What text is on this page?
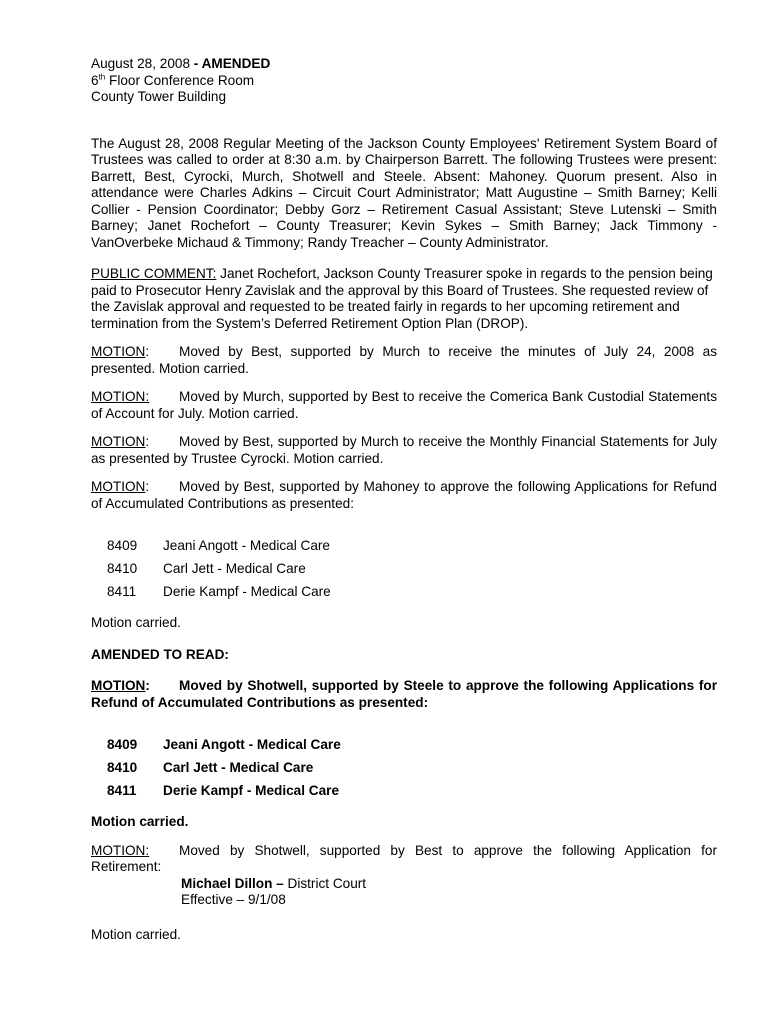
August 28, 2008 - AMENDED

6th Floor Conference Room

County Tower Building

The August 28, 2008 Regular Meeting of the Jackson County Employees' Retirement System Board of Trustees was called to order at 8:30 a.m. by Chairperson Barrett. The following Trustees were present: Barrett, Best, Cyrocki, Murch, Shotwell and Steele. Absent: Mahoney. Quorum present. Also in attendance were Charles Adkins – Circuit Court Administrator; Matt Augustine – Smith Barney; Kelli Collier - Pension Coordinator; Debby Gorz – Retirement Casual Assistant; Steve Lutenski – Smith Barney; Janet Rochefort – County Treasurer; Kevin Sykes – Smith Barney; Jack Timmony - VanOverbeke Michaud & Timmony; Randy Treacher – County Administrator.

PUBLIC COMMENT: Janet Rochefort, Jackson County Treasurer spoke in regards to the pension being paid to Prosecutor Henry Zavislak and the approval by this Board of Trustees. She requested review of the Zavislak approval and requested to be treated fairly in regards to her upcoming retirement and termination from the System’s Deferred Retirement Option Plan (DROP).

MOTION: Moved by Best, supported by Murch to receive the minutes of July 24, 2008 as presented. Motion carried.

MOTION: Moved by Murch, supported by Best to receive the Comerica Bank Custodial Statements of Account for July. Motion carried.

MOTION: Moved by Best, supported by Murch to receive the Monthly Financial Statements for July as presented by Trustee Cyrocki. Motion carried.

MOTION: Moved by Best, supported by Mahoney to approve the following Applications for Refund of Accumulated Contributions as presented:

8409 Jeani Angott - Medical Care
8410 Carl Jett - Medical Care
8411 Derie Kampf - Medical Care

Motion carried.

AMENDED TO READ:

MOTION: Moved by Shotwell, supported by Steele to approve the following Applications for Refund of Accumulated Contributions as presented:

8409 Jeani Angott - Medical Care
8410 Carl Jett - Medical Care
8411 Derie Kampf - Medical Care

Motion carried.

MOTION: Moved by Shotwell, supported by Best to approve the following Application for Retirement:

Michael Dillon – District Court

Effective – 9/1/08

Motion carried.
